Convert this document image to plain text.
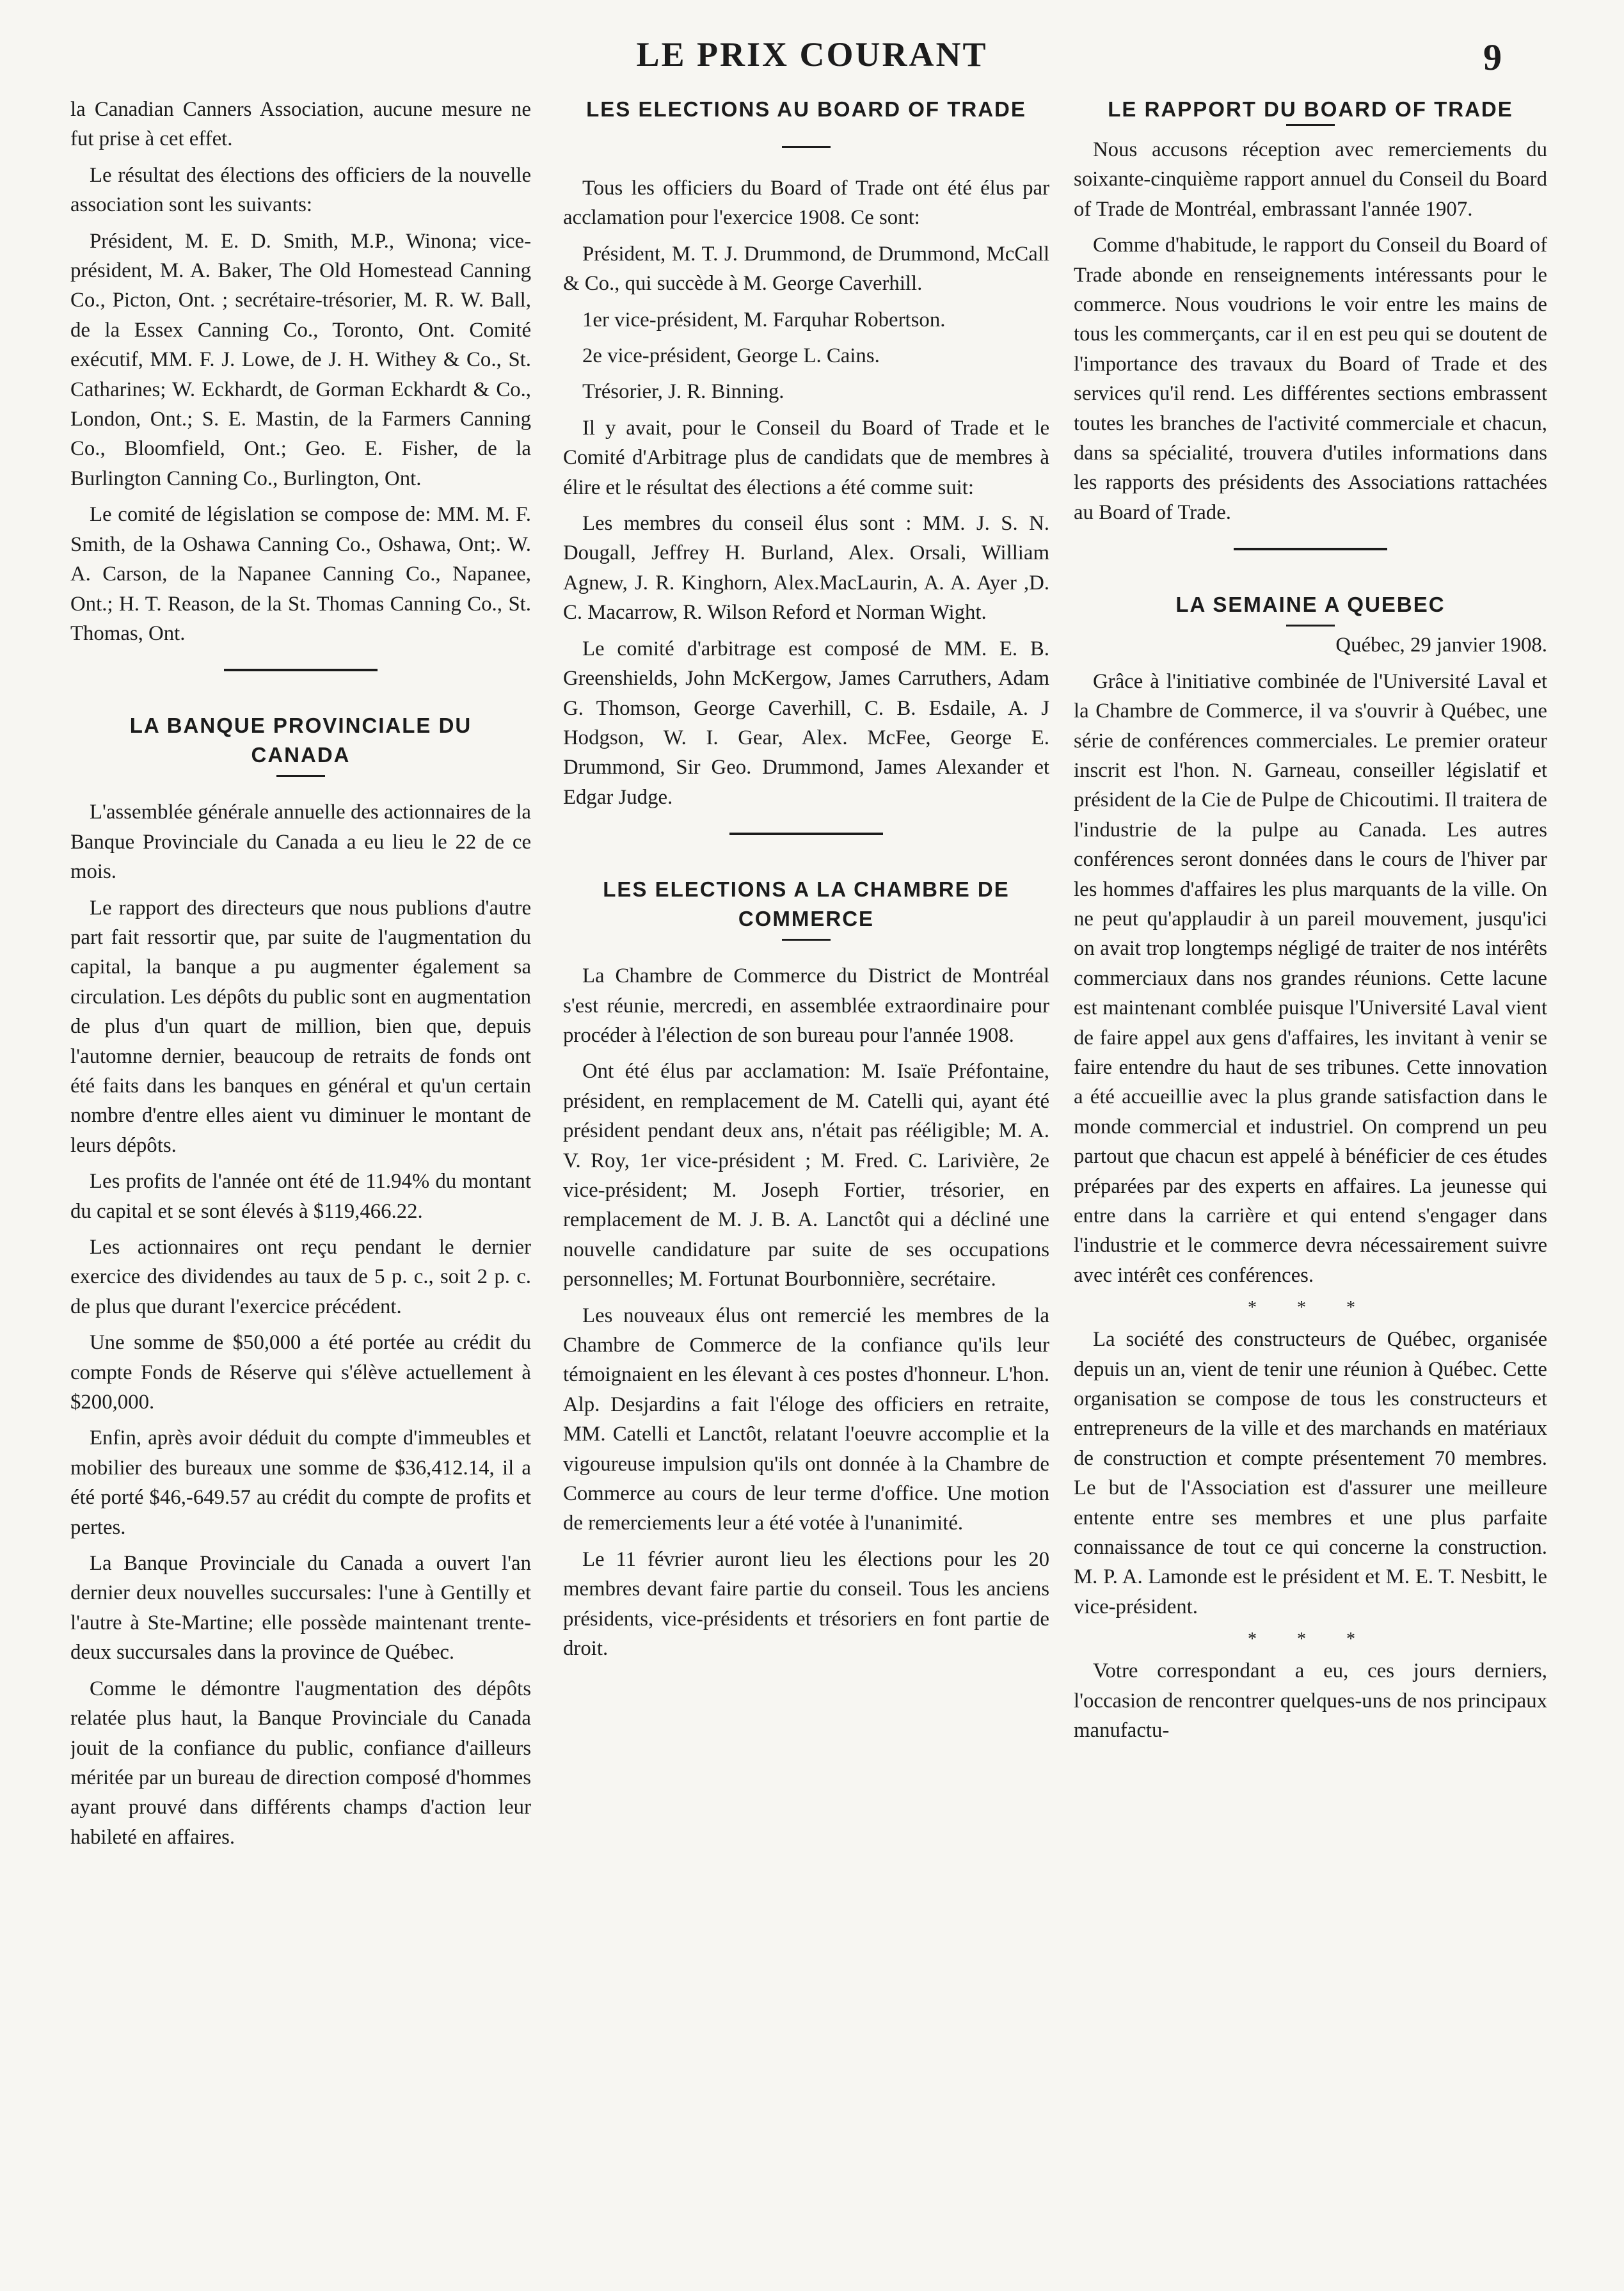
LE PRIX COURANT	9

la Canadian Canners Association, aucune mesure ne fut prise à cet effet.

Le résultat des élections des officiers de la nouvelle association sont les suivants:

Président, M. E. D. Smith, M.P., Winona; vice-président, M. A. Baker, The Old Homestead Canning Co., Picton, Ont. ; secrétaire-trésorier, M. R. W. Ball, de la Essex Canning Co., Toronto, Ont. Comité exécutif, MM. F. J. Lowe, de J. H. Withey & Co., St. Catharines; W. Eckhardt, de Gorman Eckhardt & Co., London, Ont.; S. E. Mastin, de la Farmers Canning Co., Bloomfield, Ont.; Geo. E. Fisher, de la Burlington Canning Co., Burlington, Ont.

Le comité de législation se compose de: MM. M. F. Smith, de la Oshawa Canning Co., Oshawa, Ont;. W. A. Carson, de la Napanee Canning Co., Napanee, Ont.; H. T. Reason, de la St. Thomas Canning Co., St. Thomas, Ont.

LA BANQUE PROVINCIALE DU CANADA

L'assemblée générale annuelle des actionnaires de la Banque Provinciale du Canada a eu lieu le 22 de ce mois.

Le rapport des directeurs que nous publions d'autre part fait ressortir que, par suite de l'augmentation du capital, la banque a pu augmenter également sa circulation. Les dépôts du public sont en augmentation de plus d'un quart de million, bien que, depuis l'automne dernier, beaucoup de retraits de fonds ont été faits dans les banques en général et qu'un certain nombre d'entre elles aient vu diminuer le montant de leurs dépôts.

Les profits de l'année ont été de 11.94% du montant du capital et se sont élevés à $119,466.22.

Les actionnaires ont reçu pendant le dernier exercice des dividendes au taux de 5 p. c., soit 2 p. c. de plus que durant l'exercice précédent.

Une somme de $50,000 a été portée au crédit du compte Fonds de Réserve qui s'élève actuellement à $200,000.

Enfin, après avoir déduit du compte d'immeubles et mobilier des bureaux une somme de $36,412.14, il a été porté $46,-649.57 au crédit du compte de profits et pertes.

La Banque Provinciale du Canada a ouvert l'an dernier deux nouvelles succursales: l'une à Gentilly et l'autre à Ste-Martine; elle possède maintenant trente-deux succursales dans la province de Québec.

Comme le démontre l'augmentation des dépôts relatée plus haut, la Banque Provinciale du Canada jouit de la confiance du public, confiance d'ailleurs méritée par un bureau de direction composé d'hommes ayant prouvé dans différents champs d'action leur habileté en affaires.

LES ELECTIONS AU BOARD OF TRADE

Tous les officiers du Board of Trade ont été élus par acclamation pour l'exercice 1908. Ce sont:

Président, M. T. J. Drummond, de Drummond, McCall & Co., qui succède à M. George Caverhill.

1er vice-président, M. Farquhar Robertson.

2e vice-président, George L. Cains.

Trésorier, J. R. Binning.

Il y avait, pour le Conseil du Board of Trade et le Comité d'Arbitrage plus de candidats que de membres à élire et le résultat des élections a été comme suit:

Les membres du conseil élus sont : MM. J. S. N. Dougall, Jeffrey H. Burland, Alex. Orsali, William Agnew, J. R. Kinghorn, Alex.MacLaurin, A. A. Ayer ,D. C. Macarrow, R. Wilson Reford et Norman Wight.

Le comité d'arbitrage est composé de MM. E. B. Greenshields, John McKergow, James Carruthers, Adam G. Thomson, George Caverhill, C. B. Esdaile, A. J Hodgson, W. I. Gear, Alex. McFee, George E. Drummond, Sir Geo. Drummond, James Alexander et Edgar Judge.

LES ELECTIONS A LA CHAMBRE DE COMMERCE

La Chambre de Commerce du District de Montréal s'est réunie, mercredi, en assemblée extraordinaire pour procéder à l'élection de son bureau pour l'année 1908.

Ont été élus par acclamation: M. Isaïe Préfontaine, président, en remplacement de M. Catelli qui, ayant été président pendant deux ans, n'était pas rééligible; M. A. V. Roy, 1er vice-président ; M. Fred. C. Larivière, 2e vice-président; M. Joseph Fortier, trésorier, en remplacement de M. J. B. A. Lanctôt qui a décliné une nouvelle candidature par suite de ses occupations personnelles; M. Fortunat Bourbonnière, secrétaire.

Les nouveaux élus ont remercié les membres de la Chambre de Commerce de la confiance qu'ils leur témoignaient en les élevant à ces postes d'honneur. L'hon. Alp. Desjardins a fait l'éloge des officiers en retraite, MM. Catelli et Lanctôt, relatant l'oeuvre accomplie et la vigoureuse impulsion qu'ils ont donnée à la Chambre de Commerce au cours de leur terme d'office. Une motion de remerciements leur a été votée à l'unanimité.

Le 11 février auront lieu les élections pour les 20 membres devant faire partie du conseil. Tous les anciens présidents, vice-présidents et trésoriers en font partie de droit.

LE RAPPORT DU BOARD OF TRADE

Nous accusons réception avec remerciements du soixante-cinquième rapport annuel du Conseil du Board of Trade de Montréal, embrassant l'année 1907.

Comme d'habitude, le rapport du Conseil du Board of Trade abonde en renseignements intéressants pour le commerce. Nous voudrions le voir entre les mains de tous les commerçants, car il en est peu qui se doutent de l'importance des travaux du Board of Trade et des services qu'il rend. Les différentes sections embrassent toutes les branches de l'activité commerciale et chacun, dans sa spécialité, trouvera d'utiles informations dans les rapports des présidents des Associations rattachées au Board of Trade.

LA SEMAINE A QUEBEC

Québec, 29 janvier 1908.

Grâce à l'initiative combinée de l'Université Laval et la Chambre de Commerce, il va s'ouvrir à Québec, une série de conférences commerciales. Le premier orateur inscrit est l'hon. N. Garneau, conseiller législatif et président de la Cie de Pulpe de Chicoutimi. Il traitera de l'industrie de la pulpe au Canada. Les autres conférences seront données dans le cours de l'hiver par les hommes d'affaires les plus marquants de la ville. On ne peut qu'applaudir à un pareil mouvement, jusqu'ici on avait trop longtemps négligé de traiter de nos intérêts commerciaux dans nos grandes réunions. Cette lacune est maintenant comblée puisque l'Université Laval vient de faire appel aux gens d'affaires, les invitant à venir se faire entendre du haut de ses tribunes. Cette innovation a été accueillie avec la plus grande satisfaction dans le monde commercial et industriel. On comprend un peu partout que chacun est appelé à bénéficier de ces études préparées par des experts en affaires. La jeunesse qui entre dans la carrière et qui entend s'engager dans l'industrie et le commerce devra nécessairement suivre avec intérêt ces conférences.

* * *

La société des constructeurs de Québec, organisée depuis un an, vient de tenir une réunion à Québec. Cette organisation se compose de tous les constructeurs et entrepreneurs de la ville et des marchands en matériaux de construction et compte présentement 70 membres. Le but de l'Association est d'assurer une meilleure entente entre ses membres et une plus parfaite connaissance de tout ce qui concerne la construction. M. P. A. Lamonde est le président et M. E. T. Nesbitt, le vice-président.

* * *

Votre correspondant a eu, ces jours derniers, l'occasion de rencontrer quelques-uns de nos principaux manufactu-
